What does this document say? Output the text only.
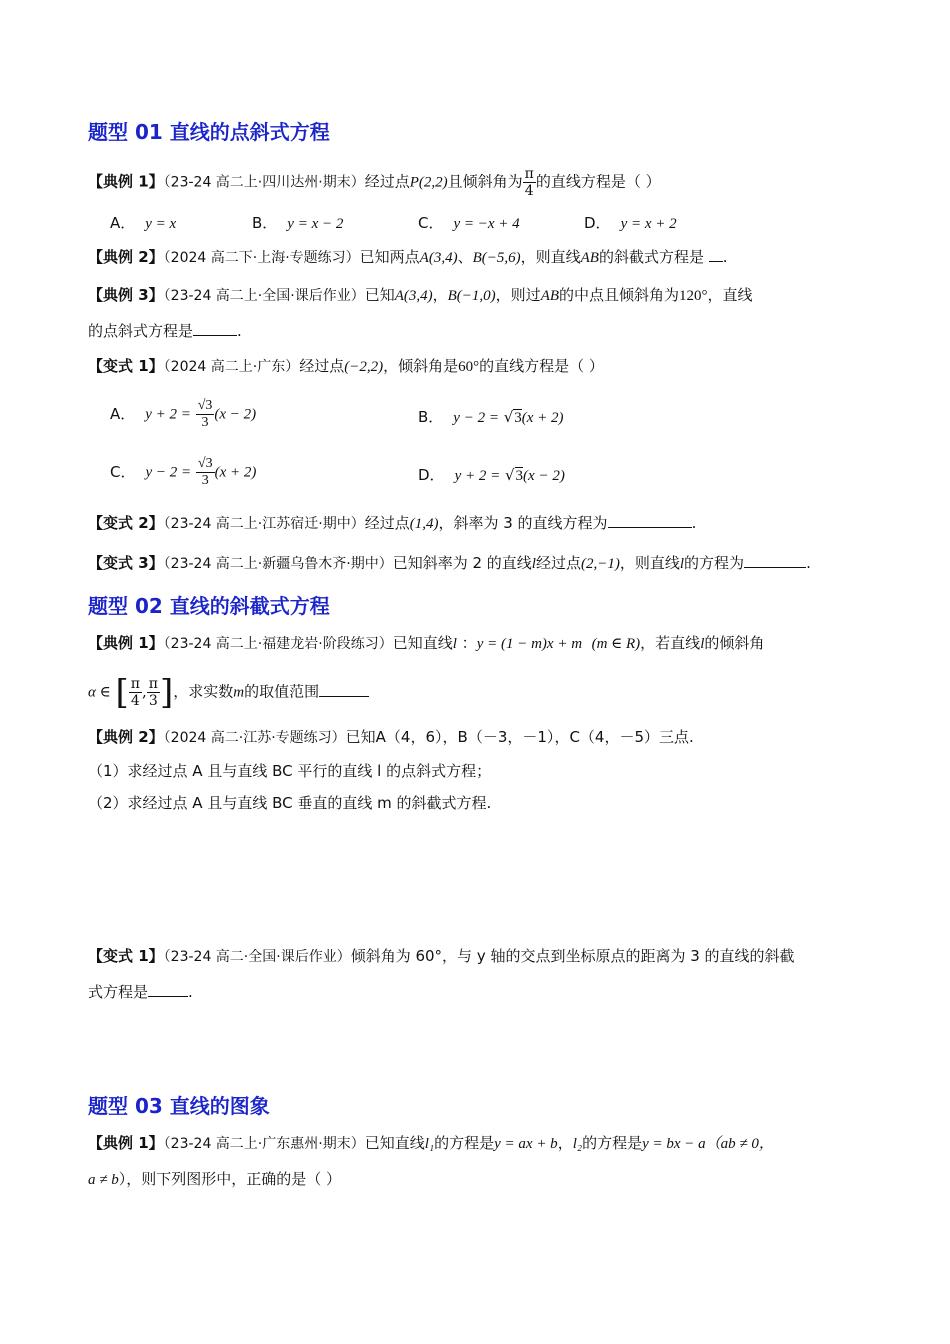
题型 01 直线的点斜式方程
【典例 1】（23-24 高二上·四川达州·期末）经过点P(2,2)且倾斜角为 $\frac{\pi}{4}$ 的直线方程是（ ）
A． y = x	B． y = x − 2	C． y = −x + 4	D． y = x + 2
【典例 2】（2024 高二下·上海·专题练习）已知两点A(3,4)、B(−5,6)，则直线AB的斜截式方程是 .
【典例 3】（23-24 高二上·全国·课后作业）已知A(3,4)，B(−1,0)，则过AB的中点且倾斜角为120°，直线
的点斜式方程是	.
【变式 1】（2024 高二上·广东）经过点(−2,2)，倾斜角是60°的直线方程是（ ）
A． $y + 2 = \frac{√3}{3} (x - 2)$	B． y − 2 = √3(x + 2)
C． $y - 2 = \frac{√3}{3} (x + 2)$	D． y + 2 = √3(x − 2)
【变式 2】（23-24 高二上·江苏宿迁·期中）经过点(1,4)，斜率为 3 的直线方程为	.
【变式 3】（23-24 高二上·新疆乌鲁木齐·期中）已知斜率为 2 的直线l经过点(2,−1)，则直线l的方程为	.
题型 02 直线的斜截式方程
【典例 1】（23-24 高二上·福建龙岩·阶段练习）已知直线l ：y = (1 − m)x + m (m ∈ R)，若直线l的倾斜角
α ∈ [ $\frac{\pi}{4}$ , $\frac{\pi}{3}$ ]，求实数m的取值范围
【典例 2】（2024 高二·江苏·专题练习）已知A（4，6），B（－3，－1），C（4，－5）三点.
（1）求经过点 A 且与直线 BC 平行的直线 l 的点斜式方程；
（2）求经过点 A 且与直线 BC 垂直的直线 m 的斜截式方程.
【变式 1】（23-24 高二·全国·课后作业）倾斜角为 60°，与 y 轴的交点到坐标原点的距离为 3 的直线的斜截
式方程是	.
题型 03 直线的图象
【典例 1】（23-24 高二上·广东惠州·期末）已知直线l₁的方程是y = ax + b，l₂的方程是y = bx − a（ab ≠ 0，
a ≠ b），则下列图形中，正确的是（ ）
